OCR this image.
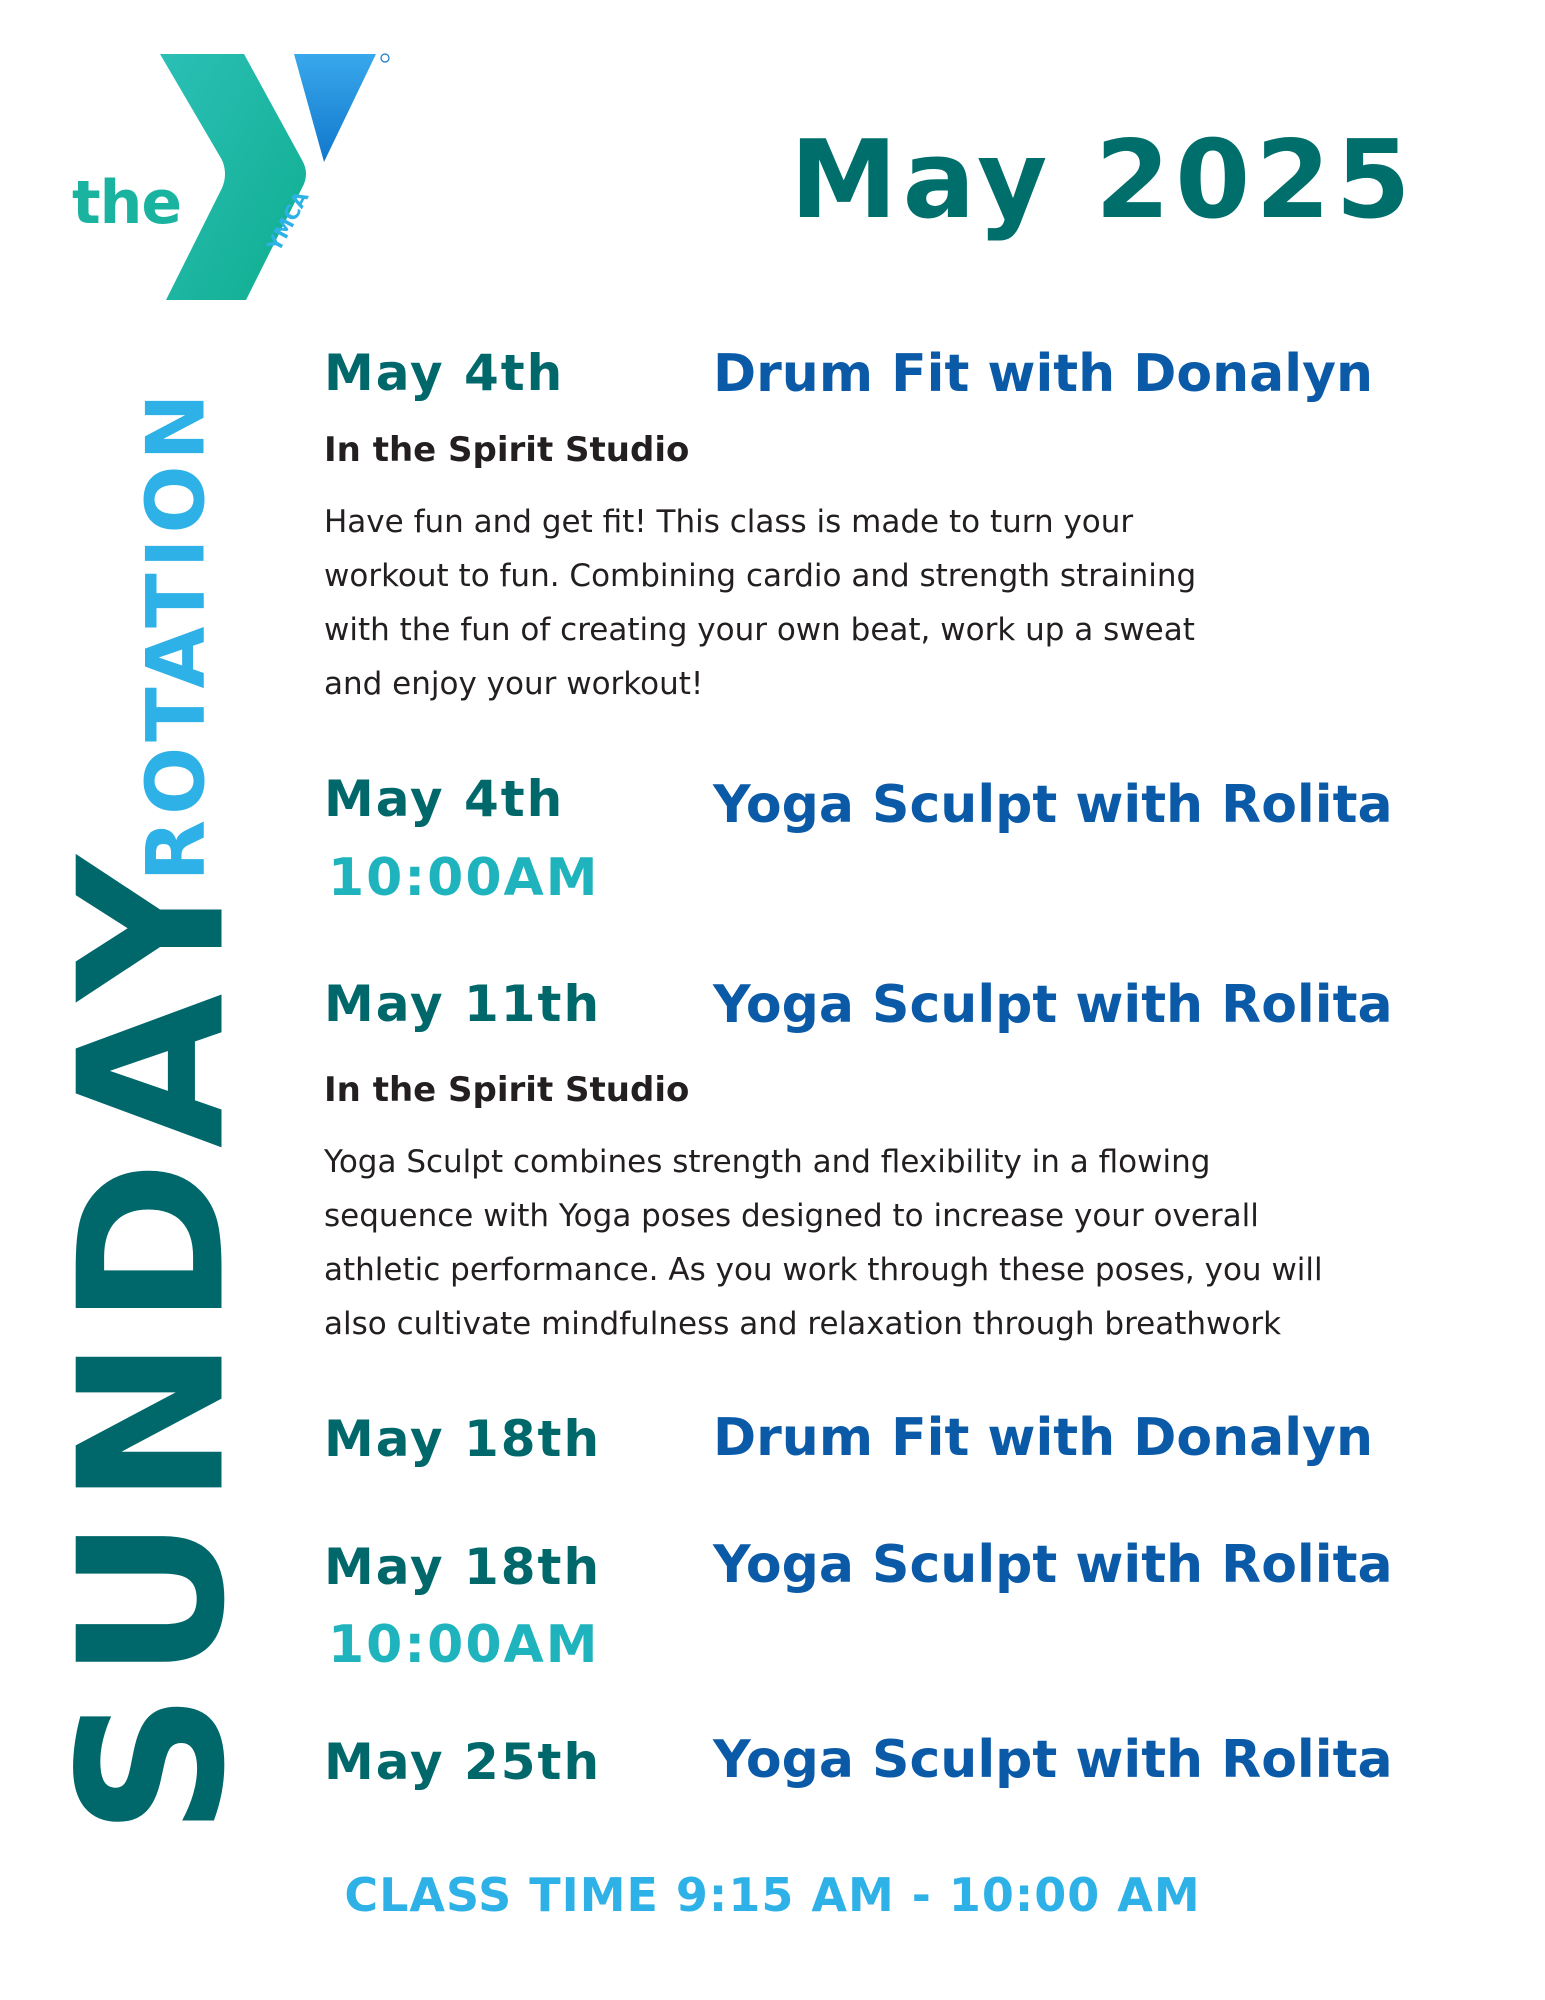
the	YMCA	May 2025
ROTATION
SUNDAY
May 4th	Drum Fit with Donalyn
In the Spirit Studio
Have fun and get fit! This class is made to turn your
workout to fun. Combining cardio and strength straining
with the fun of creating your own beat, work up a sweat
and enjoy your workout!
May 4th	Yoga Sculpt with Rolita
10:00AM
May 11th Yoga Sculpt with Rolita
In the Spirit Studio
Yoga Sculpt combines strength and flexibility in a flowing
sequence with Yoga poses designed to increase your overall
athletic performance. As you work through these poses, you will
also cultivate mindfulness and relaxation through breathwork
May 18th Drum Fit with Donalyn
May 18th Yoga Sculpt with Rolita
10:00AM
May 25th Yoga Sculpt with Rolita
CLASS TIME 9:15 AM - 10:00 AM
